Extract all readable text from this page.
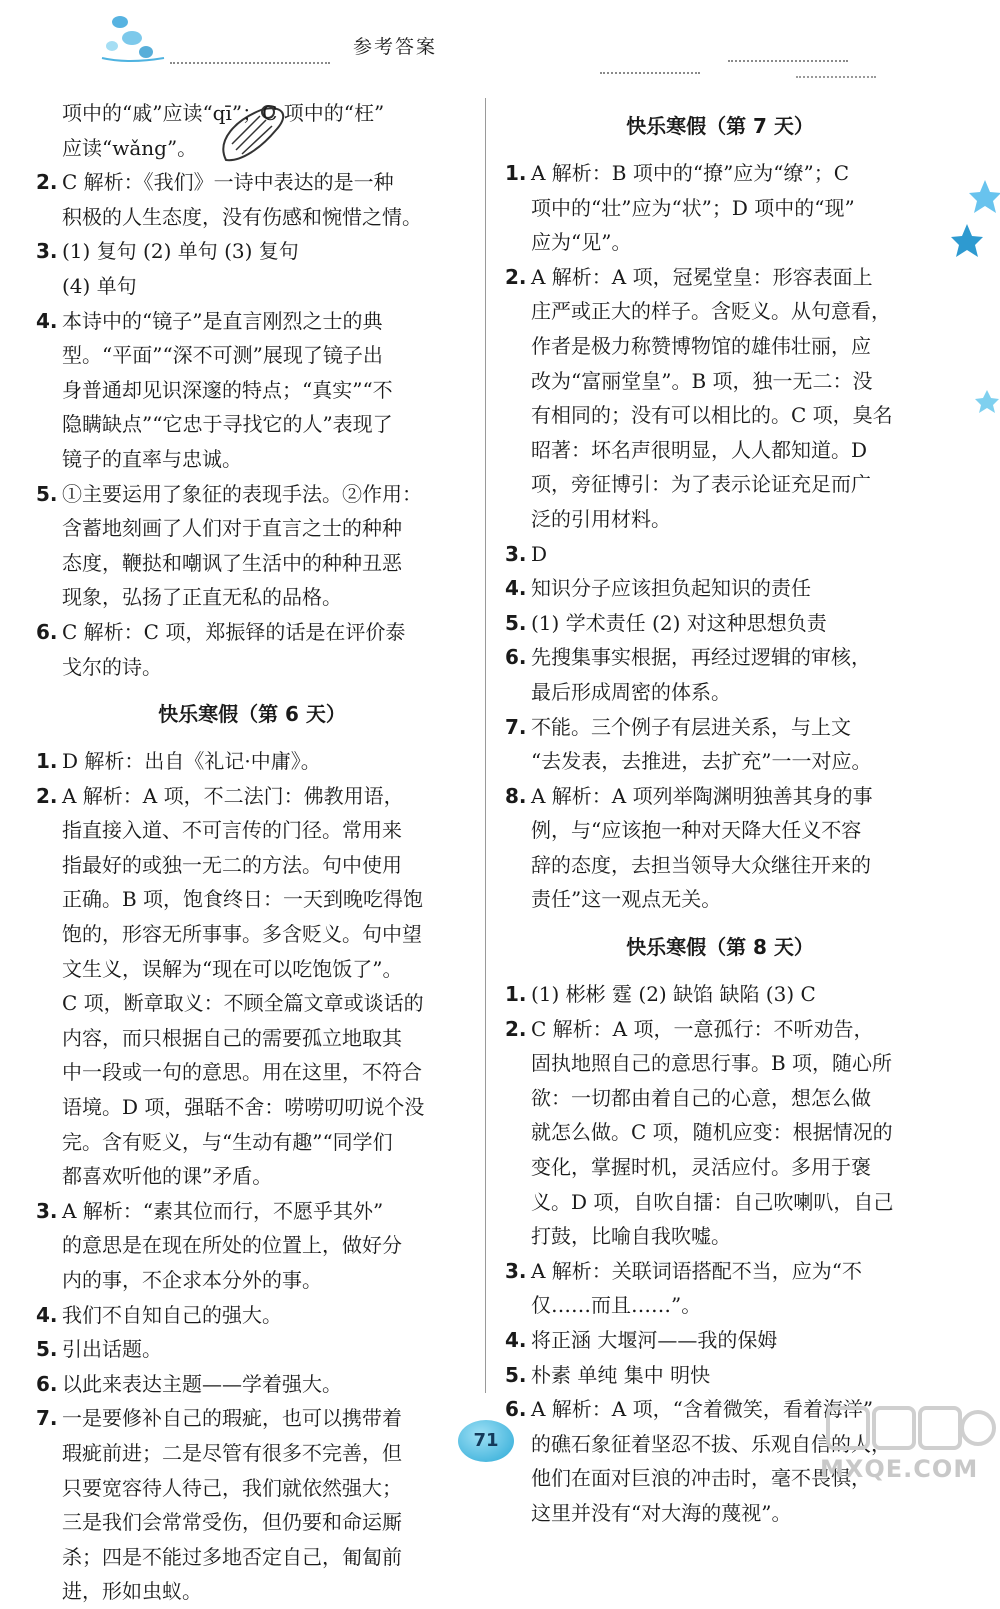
参考答案
项中的“戚”应读“qī”；C 项中的“枉”
应读“wǎng”。
2. C 解析：《我们》一诗中表达的是一种
积极的人生态度，没有伤感和惋惜之情。
3. (1) 复句 (2) 单句 (3) 复句
(4) 单句
4. 本诗中的“镜子”是直言刚烈之士的典
型。“平面”“深不可测”展现了镜子出
身普通却见识深邃的特点；“真实”“不
隐瞒缺点”“它忠于寻找它的人”表现了
镜子的直率与忠诚。
5. ①主要运用了象征的表现手法。②作用：
含蓄地刻画了人们对于直言之士的种种
态度，鞭挞和嘲讽了生活中的种种丑恶
现象，弘扬了正直无私的品格。
6. C 解析：C 项，郑振铎的话是在评价泰
戈尔的诗。
快乐寒假（第 6 天）
1. D 解析：出自《礼记·中庸》。
2. A 解析：A 项，不二法门：佛教用语，
指直接入道、不可言传的门径。常用来
指最好的或独一无二的方法。句中使用
正确。B 项，饱食终日：一天到晚吃得饱
饱的，形容无所事事。多含贬义。句中望
文生义，误解为“现在可以吃饱饭了”。
C 项，断章取义：不顾全篇文章或谈话的
内容，而只根据自己的需要孤立地取其
中一段或一句的意思。用在这里，不符合
语境。D 项，强聒不舍：唠唠叨叨说个没
完。含有贬义，与“生动有趣”“同学们
都喜欢听他的课”矛盾。
3. A 解析：“素其位而行，不愿乎其外”
的意思是在现在所处的位置上，做好分
内的事，不企求本分外的事。
4. 我们不自知自己的强大。
5. 引出话题。
6. 以此来表达主题——学着强大。
7. 一是要修补自己的瑕疵，也可以携带着
瑕疵前进；二是尽管有很多不完善，但
只要宽容待人待己，我们就依然强大；
三是我们会常常受伤，但仍要和命运厮
杀；四是不能过多地否定自己，匍匐前
进，形如虫蚁。
快乐寒假（第 7 天）
1. A 解析：B 项中的“撩”应为“缭”；C
项中的“壮”应为“状”；D 项中的“现”
应为“见”。
2. A 解析：A 项，冠冕堂皇：形容表面上
庄严或正大的样子。含贬义。从句意看，
作者是极力称赞博物馆的雄伟壮丽，应
改为“富丽堂皇”。B 项，独一无二：没
有相同的；没有可以相比的。C 项，臭名
昭著：坏名声很明显，人人都知道。D
项，旁征博引：为了表示论证充足而广
泛的引用材料。
3. D
4. 知识分子应该担负起知识的责任
5. (1) 学术责任 (2) 对这种思想负责
6. 先搜集事实根据，再经过逻辑的审核，
最后形成周密的体系。
7. 不能。三个例子有层进关系，与上文
“去发表，去推进，去扩充”一一对应。
8. A 解析：A 项列举陶渊明独善其身的事
例，与“应该抱一种对天降大任义不容
辞的态度，去担当领导大众继往开来的
责任”这一观点无关。
快乐寒假（第 8 天）
1. (1) 彬彬 霆 (2) 缺馅 缺陷 (3) C
2. C 解析：A 项，一意孤行：不听劝告，
固执地照自己的意思行事。B 项，随心所
欲：一切都由着自己的心意，想怎么做
就怎么做。C 项，随机应变：根据情况的
变化，掌握时机，灵活应付。多用于褒
义。D 项，自吹自擂：自己吹喇叭，自己
打鼓，比喻自我吹嘘。
3. A 解析：关联词语搭配不当，应为“不
仅……而且……”。
4. 将正涵 大堰河——我的保姆
5. 朴素 单纯 集中 明快
6. A 解析：A 项，“含着微笑，看着海洋”
的礁石象征着坚忍不拔、乐观自信的人，
他们在面对巨浪的冲击时，毫不畏惧，
这里并没有“对大海的蔑视”。
71
MXQE.COM
